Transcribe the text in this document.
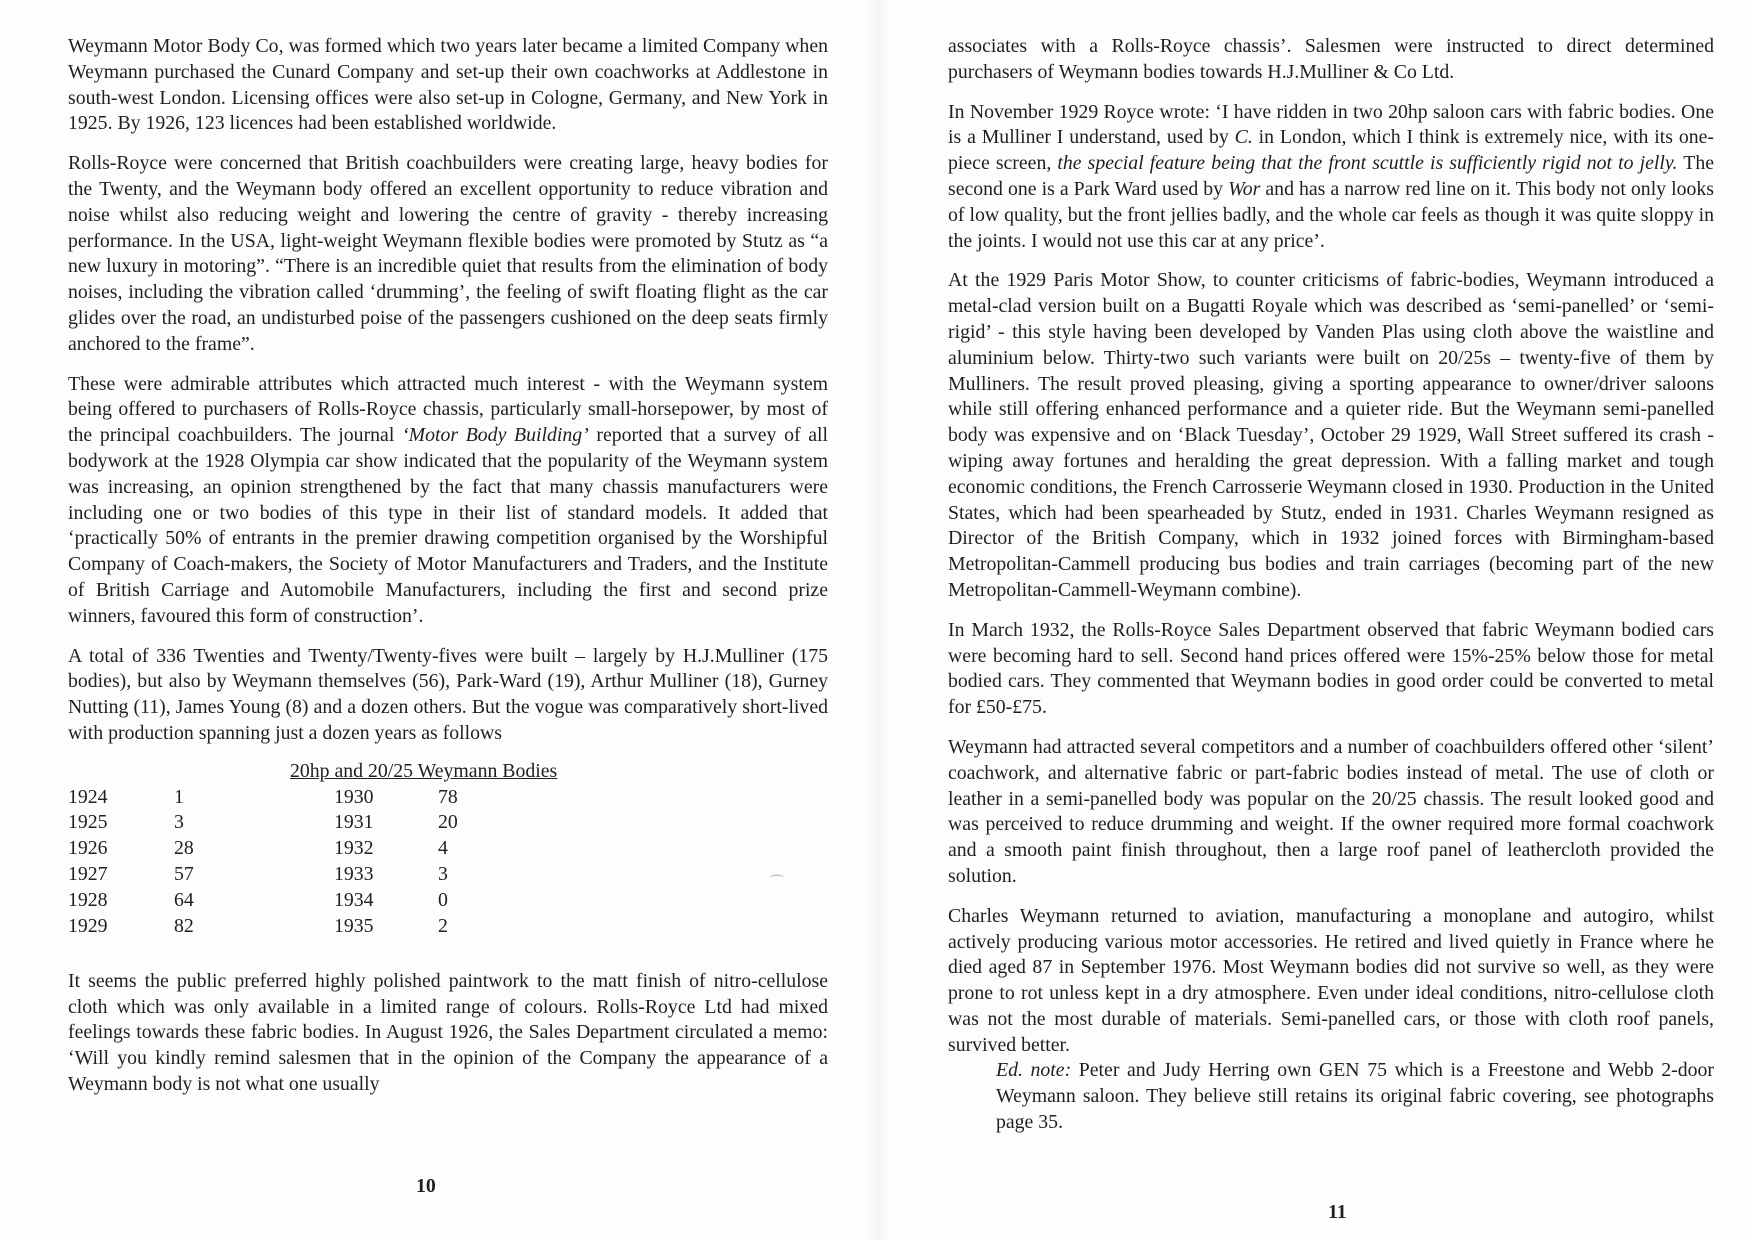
Weymann Motor Body Co, was formed which two years later became a limited Company when Weymann purchased the Cunard Company and set-up their own coachworks at Addlestone in south-west London. Licensing offices were also set-up in Cologne, Germany, and New York in 1925. By 1926, 123 licences had been established worldwide.

Rolls-Royce were concerned that British coachbuilders were creating large, heavy bodies for the Twenty, and the Weymann body offered an excellent opportunity to reduce vibration and noise whilst also reducing weight and lowering the centre of gravity - thereby increasing performance. In the USA, light-weight Weymann flexible bodies were promoted by Stutz as “a new luxury in motoring”. “There is an incredible quiet that results from the elimination of body noises, including the vibration called ‘drumming’, the feeling of swift floating flight as the car glides over the road, an undisturbed poise of the passengers cushioned on the deep seats firmly anchored to the frame”.

These were admirable attributes which attracted much interest - with the Weymann system being offered to purchasers of Rolls-Royce chassis, particularly small-horsepower, by most of the principal coachbuilders. The journal ‘Motor Body Building’ reported that a survey of all bodywork at the 1928 Olympia car show indicated that the popularity of the Weymann system was increasing, an opinion strengthened by the fact that many chassis manufacturers were including one or two bodies of this type in their list of standard models. It added that ‘practically 50% of entrants in the premier drawing competition organised by the Worshipful Company of Coach-makers, the Society of Motor Manufacturers and Traders, and the Institute of British Carriage and Automobile Manufacturers, including the first and second prize winners, favoured this form of construction’.

A total of 336 Twenties and Twenty/Twenty-fives were built – largely by H.J.Mulliner (175 bodies), but also by Weymann themselves (56), Park-Ward (19), Arthur Mulliner (18), Gurney Nutting (11), James Young (8) and a dozen others. But the vogue was comparatively short-lived with production spanning just a dozen years as follows

20hp and 20/25 Weymann Bodies
1924	1	1930	78
1925	3	1931	20
1926	28	1932	4
1927	57	1933	3
1928	64	1934	0
1929	82	1935	2

It seems the public preferred highly polished paintwork to the matt finish of nitro-cellulose cloth which was only available in a limited range of colours. Rolls-Royce Ltd had mixed feelings towards these fabric bodies. In August 1926, the Sales Department circulated a memo: ‘Will you kindly remind salesmen that in the opinion of the Company the appearance of a Weymann body is not what one usually

10
⌒

associates with a Rolls-Royce chassis’. Salesmen were instructed to direct determined purchasers of Weymann bodies towards H.J.Mulliner & Co Ltd.

In November 1929 Royce wrote: ‘I have ridden in two 20hp saloon cars with fabric bodies. One is a Mulliner I understand, used by C. in London, which I think is extremely nice, with its one-piece screen, the special feature being that the front scuttle is sufficiently rigid not to jelly. The second one is a Park Ward used by Wor and has a narrow red line on it. This body not only looks of low quality, but the front jellies badly, and the whole car feels as though it was quite sloppy in the joints. I would not use this car at any price’.

At the 1929 Paris Motor Show, to counter criticisms of fabric-bodies, Weymann introduced a metal-clad version built on a Bugatti Royale which was described as ‘semi-panelled’ or ‘semi-rigid’ - this style having been developed by Vanden Plas using cloth above the waistline and aluminium below. Thirty-two such variants were built on 20/25s – twenty-five of them by Mulliners. The result proved pleasing, giving a sporting appearance to owner/driver saloons while still offering enhanced performance and a quieter ride. But the Weymann semi-panelled body was expensive and on ‘Black Tuesday’, October 29 1929, Wall Street suffered its crash - wiping away fortunes and heralding the great depression. With a falling market and tough economic conditions, the French Carrosserie Weymann closed in 1930. Production in the United States, which had been spearheaded by Stutz, ended in 1931. Charles Weymann resigned as Director of the British Company, which in 1932 joined forces with Birmingham-based Metropolitan-Cammell producing bus bodies and train carriages (becoming part of the new Metropolitan-Cammell-Weymann combine).

In March 1932, the Rolls-Royce Sales Department observed that fabric Weymann bodied cars were becoming hard to sell. Second hand prices offered were 15%-25% below those for metal bodied cars. They commented that Weymann bodies in good order could be converted to metal for £50-£75.

Weymann had attracted several competitors and a number of coachbuilders offered other ‘silent’ coachwork, and alternative fabric or part-fabric bodies instead of metal. The use of cloth or leather in a semi-panelled body was popular on the 20/25 chassis. The result looked good and was perceived to reduce drumming and weight. If the owner required more formal coachwork and a smooth paint finish throughout, then a large roof panel of leathercloth provided the solution.

Charles Weymann returned to aviation, manufacturing a monoplane and autogiro, whilst actively producing various motor accessories. He retired and lived quietly in France where he died aged 87 in September 1976. Most Weymann bodies did not survive so well, as they were prone to rot unless kept in a dry atmosphere. Even under ideal conditions, nitro-cellulose cloth was not the most durable of materials. Semi-panelled cars, or those with cloth roof panels, survived better.

Ed. note: Peter and Judy Herring own GEN 75 which is a Freestone and Webb 2-door Weymann saloon. They believe still retains its original fabric covering, see photographs page 35.

11
